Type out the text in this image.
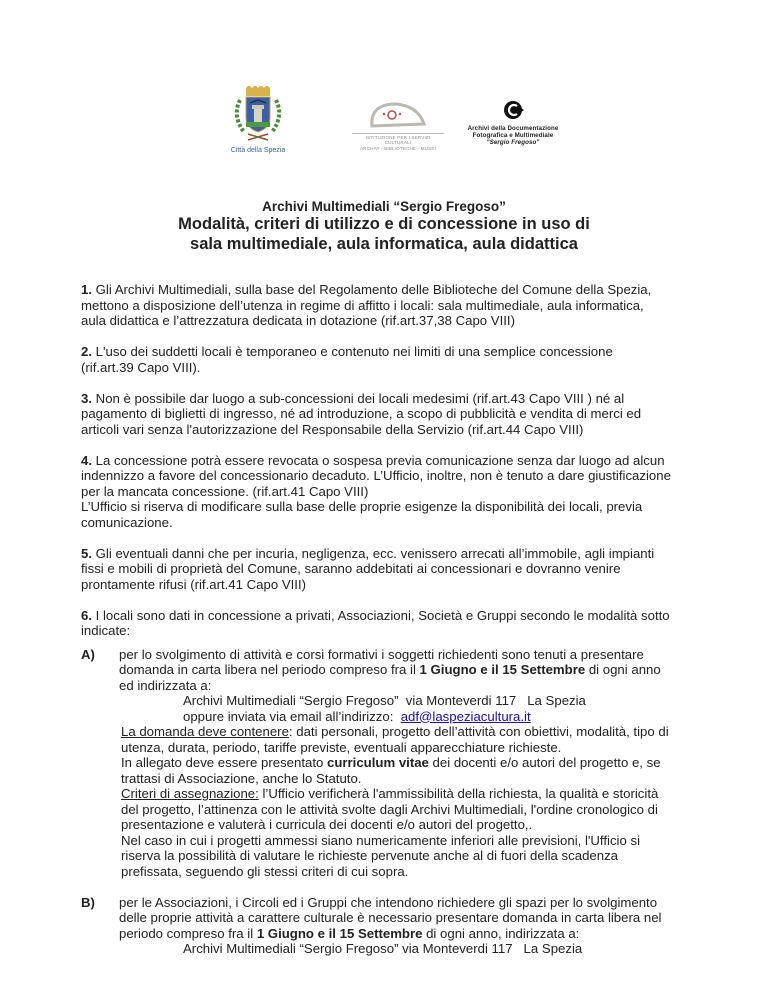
Città della Spezia
ISTITUZIONE PER I SERVIZI CULTURALI
ARCHIVI · BIBLIOTECHE · MUSEI
Archivi della Documentazione
Fotografica e Multimediale
"Sergio Fregoso"
Archivi Multimediali “Sergio Fregoso”
Modalità, criteri di utilizzo e di concessione in uso di
sala multimediale, aula informatica, aula didattica
1. Gli Archivi Multimediali, sulla base del Regolamento delle Biblioteche del Comune della Spezia,
mettono a disposizione dell’utenza in regime di affitto i locali: sala multimediale, aula informatica,
aula didattica e l’attrezzatura dedicata in dotazione (rif.art.37,38 Capo VIII)
2. L'uso dei suddetti locali è temporaneo e contenuto nei limiti di una semplice concessione
(rif.art.39 Capo VIII).
3. Non è possibile dar luogo a sub-concessioni dei locali medesimi (rif.art.43 Capo VIII ) né al
pagamento di biglietti di ingresso, né ad introduzione, a scopo di pubblicità e vendita di merci ed
articoli vari senza l'autorizzazione del Responsabile della Servizio (rif.art.44 Capo VIII)
4. La concessione potrà essere revocata o sospesa previa comunicazione senza dar luogo ad alcun
indennizzo a favore del concessionario decaduto. L’Ufficio, inoltre, non è tenuto a dare giustificazione
per la mancata concessione. (rif.art.41 Capo VIII)
L’Ufficio si riserva di modificare sulla base delle proprie esigenze la disponibilità dei locali, previa
comunicazione.
5. Gli eventuali danni che per incuria, negligenza, ecc. venissero arrecati all’immobile, agli impianti
fissi e mobili di proprietà del Comune, saranno addebitati ai concessionari e dovranno venire
prontamente rifusi (rif.art.41 Capo VIII)
6. I locali sono dati in concessione a privati, Associazioni, Società e Gruppi secondo le modalità sotto
indicate:
A) per lo svolgimento di attività e corsi formativi i soggetti richiedenti sono tenuti a presentare
domanda in carta libera nel periodo compreso fra il 1 Giugno e il 15 Settembre di ogni anno
ed indirizzata a:
Archivi Multimediali “Sergio Fregoso”  via Monteverdi 117   La Spezia
oppure inviata via email all’indirizzo:  adf@laspeziacultura.it
La domanda deve contenere: dati personali, progetto dell’attività con obiettivi, modalità, tipo di
utenza, durata, periodo, tariffe previste, eventuali apparecchiature richieste.
In allegato deve essere presentato curriculum vitae dei docenti e/o autori del progetto e, se
trattasi di Associazione, anche lo Statuto.
Criteri di assegnazione: l’Ufficio verificherà l'ammissibilità della richiesta, la qualità e storicità
del progetto, l’attinenza con le attività svolte dagli Archivi Multimediali, l'ordine cronologico di
presentazione e valuterà i curricula dei docenti e/o autori del progetto,.
Nel caso in cui i progetti ammessi siano numericamente inferiori alle previsioni, l'Ufficio si
riserva la possibilità di valutare le richieste pervenute anche al di fuori della scadenza
prefissata, seguendo gli stessi criteri di cui sopra.
B) per le Associazioni, i Circoli ed i Gruppi che intendono richiedere gli spazi per lo svolgimento
delle proprie attività a carattere culturale è necessario presentare domanda in carta libera nel
periodo compreso fra il 1 Giugno e il 15 Settembre di ogni anno, indirizzata a:
Archivi Multimediali “Sergio Fregoso” via Monteverdi 117   La Spezia
